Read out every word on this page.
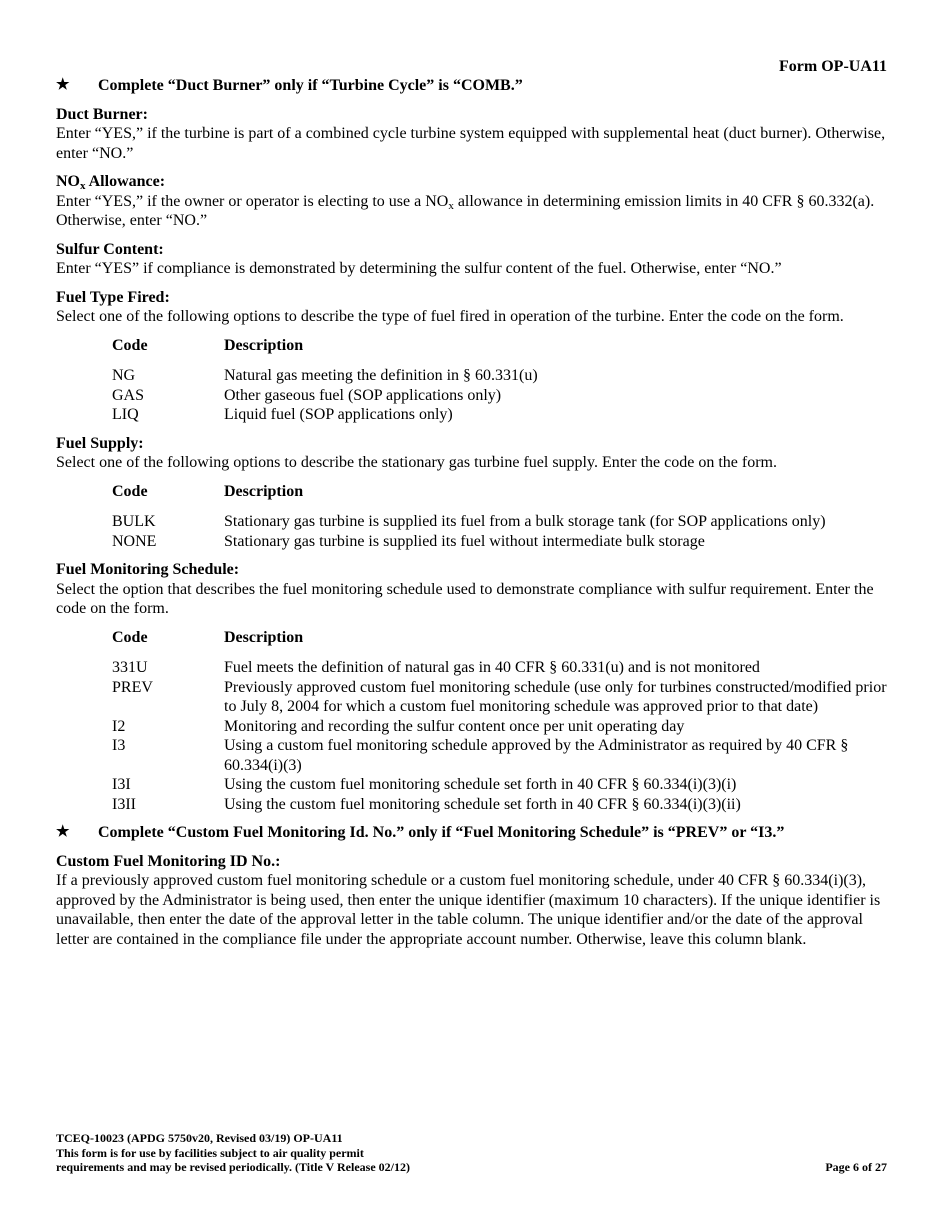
Form OP-UA11
★	Complete “Duct Burner” only if “Turbine Cycle” is “COMB.”
Duct Burner:
Enter “YES,” if the turbine is part of a combined cycle turbine system equipped with supplemental heat (duct burner). Otherwise, enter “NO.”
$NO_x$ Allowance:
Enter “YES,” if the owner or operator is electing to use a $NO_x$ allowance in determining emission limits in 40 CFR § 60.332(a). Otherwise, enter “NO.”
Sulfur Content:
Enter “YES” if compliance is demonstrated by determining the sulfur content of the fuel. Otherwise, enter “NO.”
Fuel Type Fired:
Select one of the following options to describe the type of fuel fired in operation of the turbine. Enter the code on the form.
Code	Description
NG	Natural gas meeting the definition in § 60.331(u)
GAS	Other gaseous fuel (SOP applications only)
LIQ	Liquid fuel (SOP applications only)
Fuel Supply:
Select one of the following options to describe the stationary gas turbine fuel supply. Enter the code on the form.
Code	Description
BULK	Stationary gas turbine is supplied its fuel from a bulk storage tank (for SOP applications only)
NONE	Stationary gas turbine is supplied its fuel without intermediate bulk storage
Fuel Monitoring Schedule:
Select the option that describes the fuel monitoring schedule used to demonstrate compliance with sulfur requirement. Enter the code on the form.
Code	Description
331U	Fuel meets the definition of natural gas in 40 CFR § 60.331(u) and is not monitored
PREV	Previously approved custom fuel monitoring schedule (use only for turbines constructed/modified prior to July 8, 2004 for which a custom fuel monitoring schedule was approved prior to that date)
I2	Monitoring and recording the sulfur content once per unit operating day
I3	Using a custom fuel monitoring schedule approved by the Administrator as required by 40 CFR § 60.334(i)(3)
I3I	Using the custom fuel monitoring schedule set forth in 40 CFR § 60.334(i)(3)(i)
I3II	Using the custom fuel monitoring schedule set forth in 40 CFR § 60.334(i)(3)(ii)
★	Complete “Custom Fuel Monitoring Id. No.” only if “Fuel Monitoring Schedule” is “PREV” or “I3.”
Custom Fuel Monitoring ID No.:
If a previously approved custom fuel monitoring schedule or a custom fuel monitoring schedule, under 40 CFR § 60.334(i)(3), approved by the Administrator is being used, then enter the unique identifier (maximum 10 characters). If the unique identifier is unavailable, then enter the date of the approval letter in the table column. The unique identifier and/or the date of the approval letter are contained in the compliance file under the appropriate account number. Otherwise, leave this column blank.
TCEQ-10023 (APDG 5750v20, Revised 03/19) OP-UA11
This form is for use by facilities subject to air quality permit
requirements and may be revised periodically. (Title V Release 02/12)	Page 6 of 27
